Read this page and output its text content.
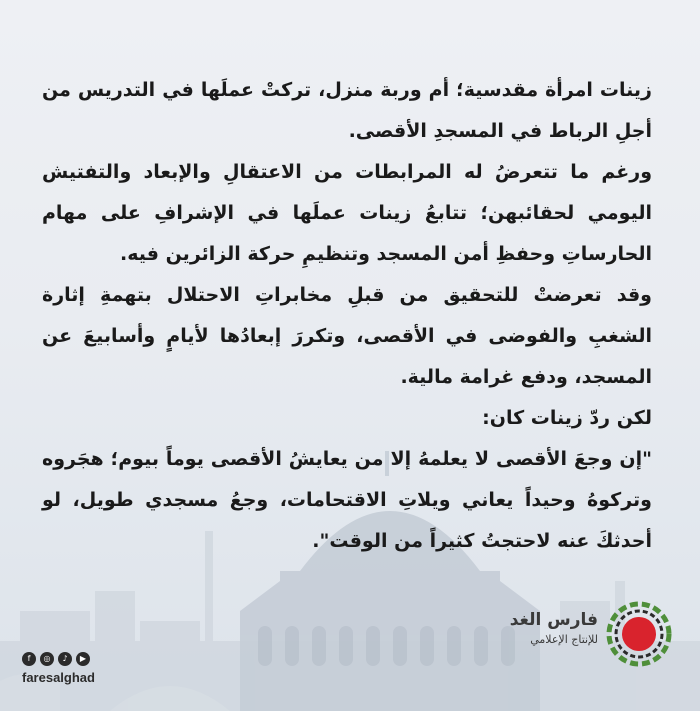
زينات امرأة مقدسية؛ أم وربة منزل، تركتْ عملَها في التدريس من أجلِ الرباط في المسجدِ الأقصى.

ورغم ما تتعرضُ له المرابطات من الاعتقالِ والإبعاد والتفتيش اليومي لحقائبهن؛ تتابعُ زينات عملَها في الإشرافِ على مهام الحارساتِ وحفظِ أمن المسجد وتنظيمِ حركة الزائرين فيه.

وقد تعرضتْ للتحقيق من قبلِ مخابراتِ الاحتلال بتهمةِ إثارة الشغبِ والفوضى في الأقصى، وتكررَ إبعادُها لأيامٍ وأسابيعَ عن المسجد، ودفع غرامة مالية.

لكن ردّ زينات كان:

"إن وجعَ الأقصى لا يعلمهُ إلا من يعايشُ الأقصى يوماً بيوم؛ هجَروه وتركوهُ وحيداً يعاني ويلاتِ الاقتحامات، وجعُ مسجدي طويل، لو أحدثكَ عنه لاحتجتُ كثيراً من الوقت".

فارس الغد
للإنتاج الإعلامي
f	◎	♪	▶
faresalghad
